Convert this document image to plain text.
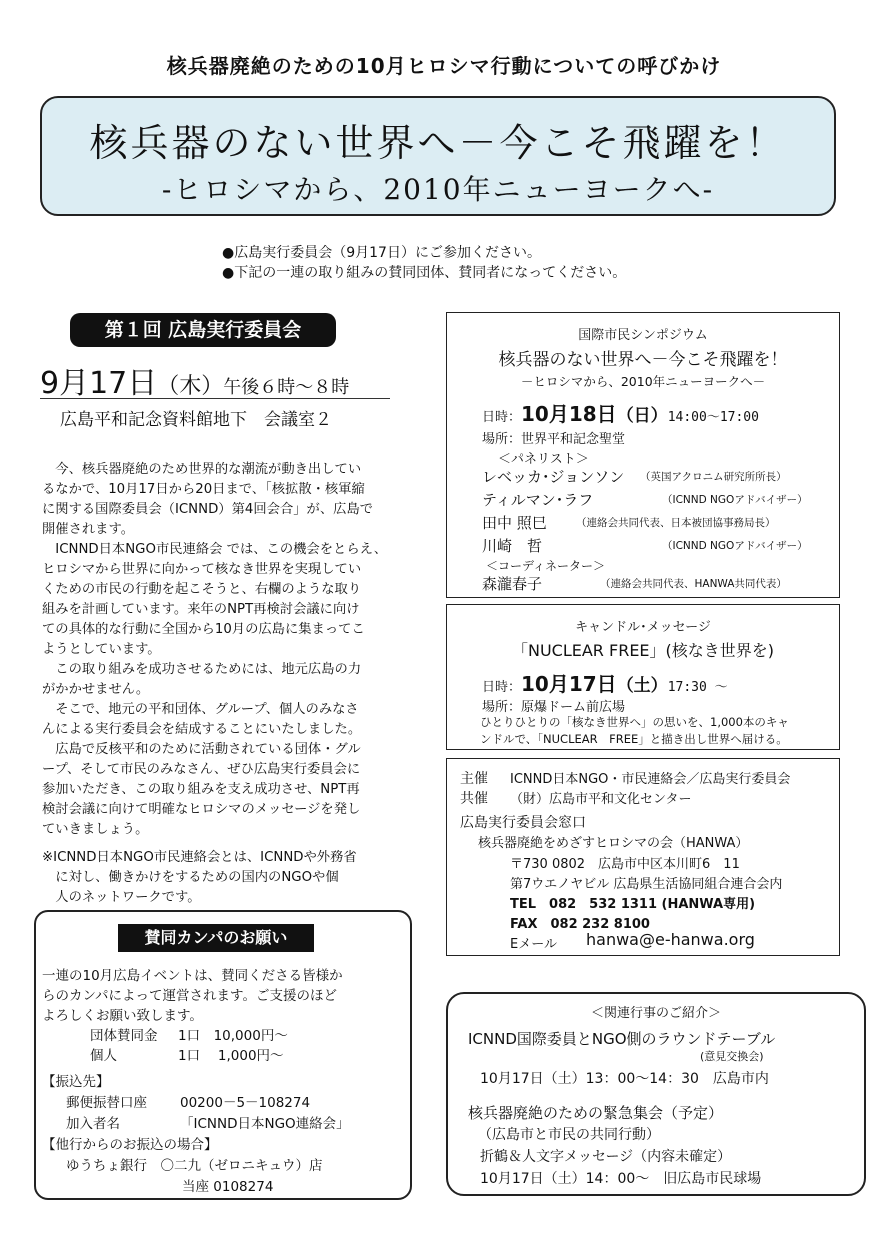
核兵器廃絶のための10月ヒロシマ行動についての呼びかけ
核兵器のない世界へ－今こそ飛躍を！
-ヒロシマから、2010年ニューヨークへ-
● 広島実行委員会（9月17日）にご参加ください。
● 下記の一連の取り組みの賛同団体、賛同者になってください。
第１回 広島実行委員会
9月17日（木）午後６時～８時
広島平和記念資料館地下　会議室２
　今、核兵器廃絶のため世界的な潮流が動き出してい
るなかで、10月17日から20日まで、「核拡散・核軍縮
に関する国際委員会（ICNND）第4回会合」が、広島で
開催されます。
　ICNND日本NGO市民連絡会 では、この機会をとらえ、
ヒロシマから世界に向かって核なき世界を実現してい
くための市民の行動を起こそうと、右欄のような取り
組みを計画しています。来年のNPT再検討会議に向け
ての具体的な行動に全国から10月の広島に集まってこ
ようとしています。
　この取り組みを成功させるためには、地元広島の力
がかかせません。
　そこで、地元の平和団体、グループ、個人のみなさ
んによる実行委員会を結成することにいたしました。
　広島で反核平和のために活動されている団体・グル
ープ、そして市民のみなさん、ぜひ広島実行委員会に
参加いただき、この取り組みを支え成功させ、NPT再
検討会議に向けて明確なヒロシマのメッセージを発し
ていきましょう。
※ICNND日本NGO市民連絡会とは、ICNNDや外務省
　に対し、働きかけをするための国内のNGOや個
　人のネットワークです。
賛同カンパのお願い
一連の10月広島イベントは、賛同くださる皆様か
らのカンパによって運営されます。ご支援のほど
よろしくお願い致します。
団体賛同金 1口　10,000円～
個人	1口　 1,000円～
【振込先】
郵便振替口座 00200－5－108274
加入者名	「ICNND日本NGO連絡会」
【他行からのお振込の場合】
ゆうちょ銀行　〇二九（ゼロニキュウ）店
当座 0108274
国際市民シンポジウム
核兵器のない世界へ－今こそ飛躍を！
－ヒロシマから、2010年ニューヨークへ－
日時：10月18日（日）14:00～17:00
場所：世界平和記念聖堂
＜パネリスト＞
レベッカ･ジョンソン （英国アクロニム研究所所長）
ティルマン･ラフ	（ICNND NGOアドバイザー）
田中 照巳	（連絡会共同代表、日本被団協事務局長）
川崎　哲	（ICNND NGOアドバイザー）
＜コーディネーター＞
森瀧春子	（連絡会共同代表、HANWA共同代表）
キャンドル･メッセージ
「NUCLEAR FREE」(核なき世界を)
日時：10月17日（土）17:30 ～
場所：原爆ドーム前広場
ひとりひとりの「核なき世界へ」の思いを、1,000本のキャ
ンドルで、「NUCLEAR　FREE」と描き出し世界へ届ける。
主催 ICNND日本NGO・市民連絡会／広島実行委員会
共催 （財）広島市平和文化センター
広島実行委員会窓口
核兵器廃絶をめざすヒロシマの会（HANWA）
〒730 0802　広島市中区本川町6　11
第7ウエノヤビル 広島県生活協同組合連合会内
TEL　082　532 1311 (HANWA専用)
FAX　082 232 8100
Eメール hanwa@e-hanwa.org
＜関連行事のご紹介＞
ICNND国際委員とNGO側のラウンドテーブル
(意見交換会)
10月17日（土）13：00～14：30　広島市内
核兵器廃絶のための緊急集会（予定）
（広島市と市民の共同行動）
折鶴＆人文字メッセージ（内容未確定）
10月17日（土）14：00～　旧広島市民球場
